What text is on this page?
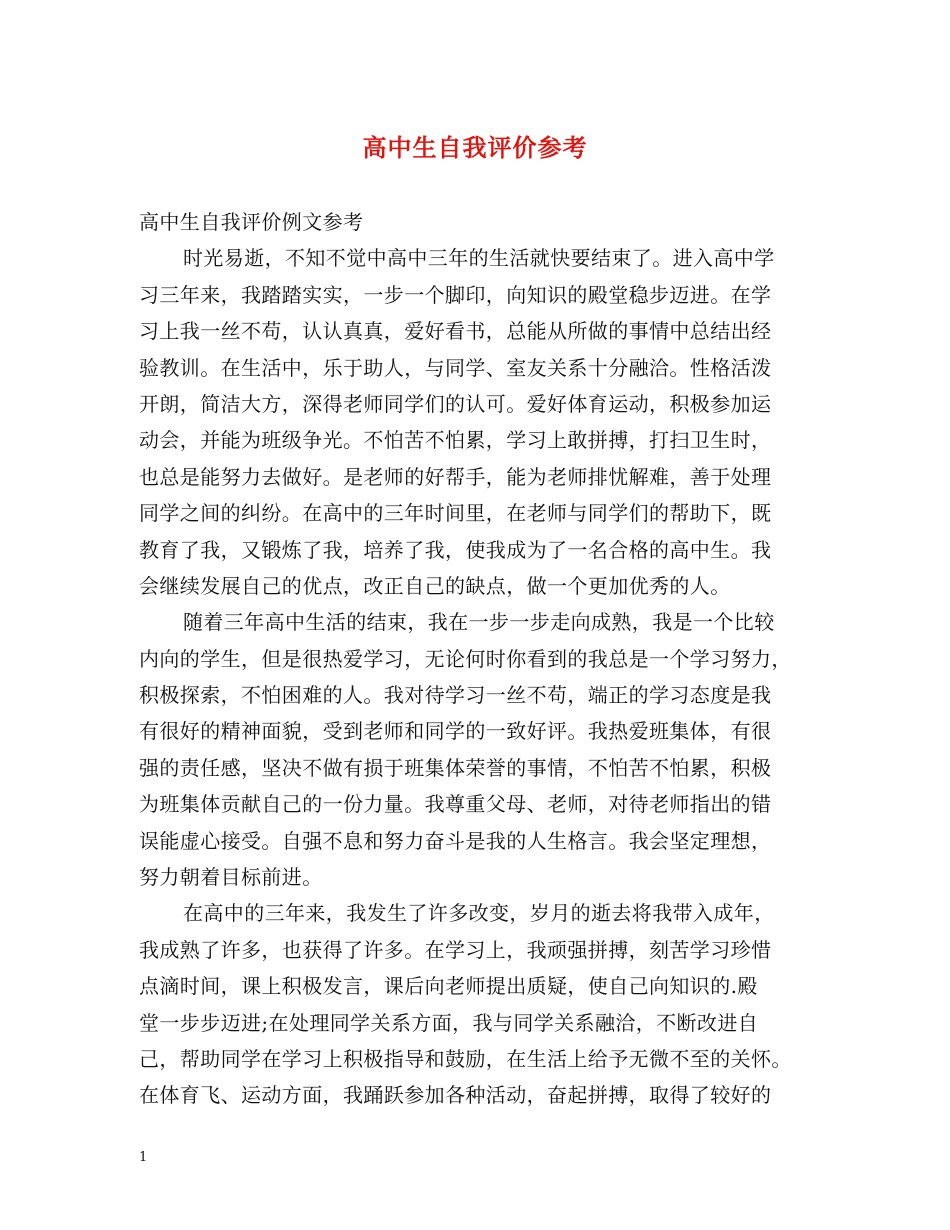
高中生自我评价参考
高中生自我评价例文参考
时光易逝，不知不觉中高中三年的生活就快要结束了。进入高中学
习三年来，我踏踏实实，一步一个脚印，向知识的殿堂稳步迈进。在学
习上我一丝不苟，认认真真，爱好看书，总能从所做的事情中总结出经
验教训。在生活中，乐于助人，与同学、室友关系十分融洽。性格活泼
开朗，简洁大方，深得老师同学们的认可。爱好体育运动，积极参加运
动会，并能为班级争光。不怕苦不怕累，学习上敢拼搏，打扫卫生时，
也总是能努力去做好。是老师的好帮手，能为老师排忧解难，善于处理
同学之间的纠纷。在高中的三年时间里，在老师与同学们的帮助下，既
教育了我，又锻炼了我，培养了我，使我成为了一名合格的高中生。我
会继续发展自己的优点，改正自己的缺点，做一个更加优秀的人。
随着三年高中生活的结束，我在一步一步走向成熟，我是一个比较
内向的学生，但是很热爱学习，无论何时你看到的我总是一个学习努力，
积极探索，不怕困难的人。我对待学习一丝不苟，端正的学习态度是我
有很好的精神面貌，受到老师和同学的一致好评。我热爱班集体，有很
强的责任感，坚决不做有损于班集体荣誉的事情，不怕苦不怕累，积极
为班集体贡献自己的一份力量。我尊重父母、老师，对待老师指出的错
误能虚心接受。自强不息和努力奋斗是我的人生格言。我会坚定理想，
努力朝着目标前进。
在高中的三年来，我发生了许多改变，岁月的逝去将我带入成年，
我成熟了许多，也获得了许多。在学习上，我顽强拼搏，刻苦学习珍惜
点滴时间，课上积极发言，课后向老师提出质疑，使自己向知识的.殿
堂一步步迈进;在处理同学关系方面，我与同学关系融洽，不断改进自
己，帮助同学在学习上积极指导和鼓励，在生活上给予无微不至的关怀。
在体育飞、运动方面，我踊跃参加各种活动，奋起拼搏，取得了较好的
1
